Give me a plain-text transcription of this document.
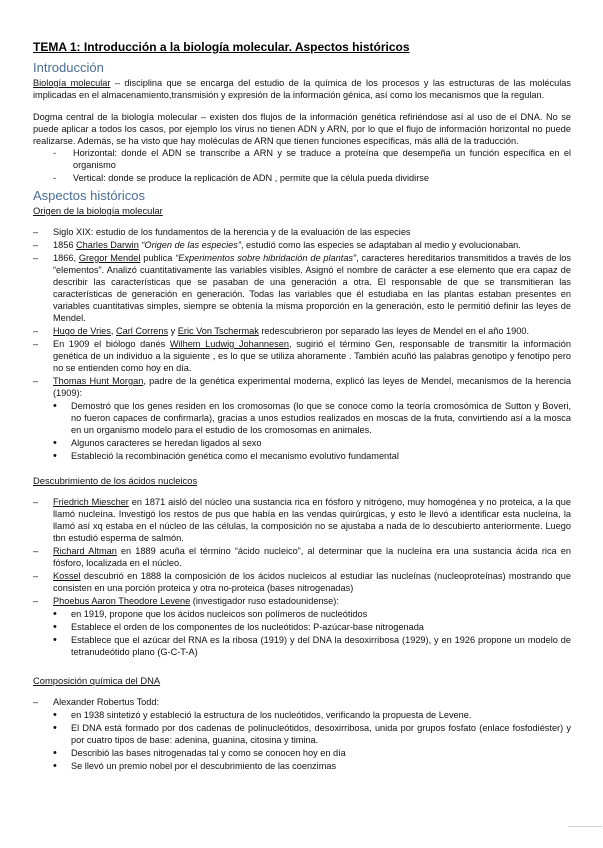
TEMA 1: Introducción a la biología molecular. Aspectos históricos
Introducción

Biología molecular – disciplina que se encarga del estudio de la química de los procesos y las estructuras de las moléculas implicadas en el almacenamiento,transmisión y expresión de la información génica, así como los mecanismos que la regulan.

Dogma central de la biología molecular – existen dos flujos de la información genética refiriéndose así al uso de el DNA. No se puede aplicar a todos los casos, por ejemplo los virus no tienen ADN y ARN, por lo que el flujo de información horizontal no puede realizarse. Además, se ha visto que hay moléculas de ARN que tienen funciones específicas, más allá de la traducción.

- Horizontal: donde el ADN se transcribe a ARN y se traduce a proteína que desempeña un función específica en el organismo
- Vertical: donde se produce la replicación de ADN , permite que la célula pueda dividirse
Aspectos históricos
Origen de la biología molecular
– Siglo XIX: estudio de los fundamentos de la herencia y de la evaluación de las especies
– 1856 Charles Darwin “Origen de las especies”, estudió como las especies se adaptaban al medio y evolucionaban.
– 1866, Gregor Mendel publica “Experimentos sobre hibridación de plantas”, caracteres hereditarios transmitidos a través de los “elementos”. Analizó cuantitativamente las variables visibles. Asignó el nombre de carácter a ese elemento que era capaz de describir las características que se pasaban de una generación a otra. El responsable de que se transmitieran las características de generación en generación. Todas las variables que él estudiaba en las plantas estaban presentes en variables cuantitativas simples, siempre se obtenía la misma proporción en la generación, esto le permitió definir las leyes de Mendel.
– Hugo de Vries, Carl Correns y Eric Von Tschermak redescubrieron por separado las leyes de Mendel en el año 1900.
– En 1909 el biólogo danés Wilhem Ludwig Johannesen, sugirió el término Gen, responsable de transmitir la información genética de un individuo a la siguiente , es lo que se utiliza ahoramente . También acuñó las palabras genotipo y fenotipo pero no se entienden como hoy en día.
– Thomas Hunt Morgan, padre de la genética experimental moderna, explicó las leyes de Mendel, mecanismos de la herencia (1909):
• Demostró que los genes residen en los cromosomas (lo que se conoce como la teoría cromosómica de Sutton y Boveri, no fueron capaces de confirmarla), gracias a unos estudios realizados en moscas de la fruta, convirtiendo así a la mosca en un organismo modelo para el estudio de los cromosomas en animales.
• Algunos caracteres se heredan ligados al sexo
• Estableció la recombinación genética como el mecanismo evolutivo fundamental
Descubrimiento de los ácidos nucleicos
– Friedrich Miescher en 1871 aisló del núcleo una sustancia rica en fósforo y nitrógeno, muy homogénea y no proteica, a la que llamó nucleína. Investigó los restos de pus que había en las vendas quirúrgicas, y esto le llevó a identificar esta nucleína, la llamó así xq estaba en el núcleo de las células, la composición no se ajustaba a nada de lo descubierto anteriormente. Luego tbn estudió esperma de salmón.
– Richard Altman en 1889 acuña el término “ácido nucleico”, al determinar que la nucleína era una sustancia ácida rica en fósforo, localizada en el núcleo.
– Kossel descubrió en 1888 la composición de los ácidos nucleicos al estudiar las nucleínas (nucleoproteínas) mostrando que consisten en una porción proteica y otra no-proteica (bases nitrogenadas)
– Phoebus Aaron Theodore Levene (investigador ruso estadounidense):
• en 1919, propone que los ácidos nucleicos son polímeros de nucleótidos
• Establece el orden de los componentes de los nucleótidos: P-azúcar-base nitrogenada
• Establece que el azúcar del RNA es la ribosa (1919) y del DNA la desoxirribosa (1929), y en 1926 propone un modelo de tetranudeótido plano (G-C-T-A)
Composición química del DNA
– Alexander Robertus Todd:
• en 1938 sintetizó y estableció la estructura de los nucleótidos, verificando la propuesta de Levene.
• El DNA está formado por dos cadenas de polinucleótidos, desoxirribosa, unida por grupos fosfato (enlace fosfodiéster) y por cuatro tipos de base: adenina, guanina, citosina y timina.
• Describió las bases nitrogenadas tal y como se conocen hoy en día
• Se llevó un premio nobel por el descubrimiento de las coenzimas
